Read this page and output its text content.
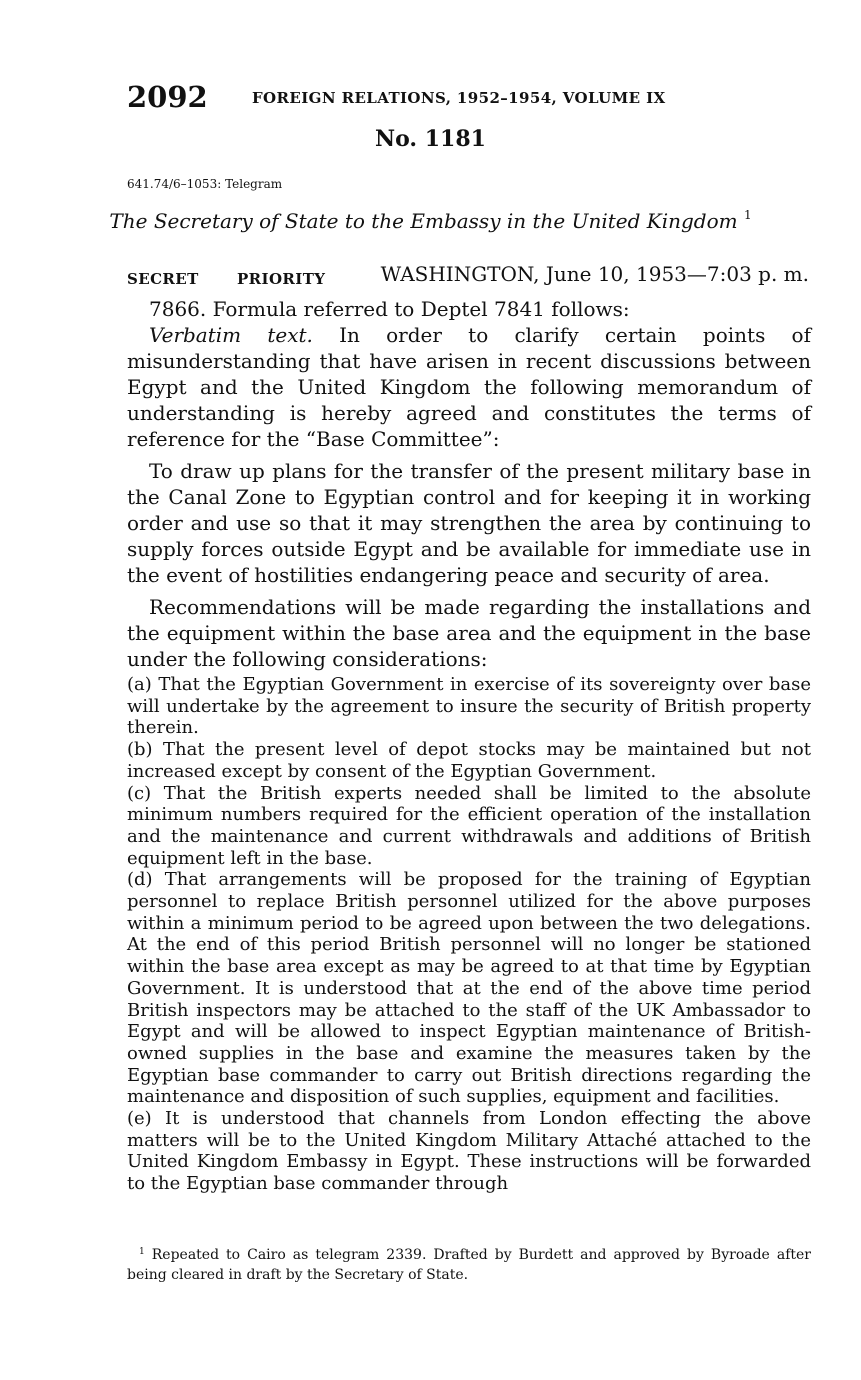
2092	FOREIGN RELATIONS, 1952–1954, VOLUME IX
No. 1181
641.74/6–1053: Telegram
The Secretary of State to the Embassy in the United Kingdom $^1$
SECRET	PRIORITY	WASHINGTON, June 10, 1953—7:03 p. m.

7866. Formula referred to Deptel 7841 follows:

Verbatim text. In order to clarify certain points of misunderstanding that have arisen in recent discussions between Egypt and the United Kingdom the following memorandum of understanding is hereby agreed and constitutes the terms of reference for the “Base Committee”:

To draw up plans for the transfer of the present military base in the Canal Zone to Egyptian control and for keeping it in working order and use so that it may strengthen the area by continuing to supply forces outside Egypt and be available for immediate use in the event of hostilities endangering peace and security of area.

Recommendations will be made regarding the installations and the equipment within the base area and the equipment in the base under the following considerations:

(a) That the Egyptian Government in exercise of its sovereignty over base will undertake by the agreement to insure the security of British property therein.

(b) That the present level of depot stocks may be maintained but not increased except by consent of the Egyptian Government.

(c) That the British experts needed shall be limited to the absolute minimum numbers required for the efficient operation of the installation and the maintenance and current withdrawals and additions of British equipment left in the base.

(d) That arrangements will be proposed for the training of Egyptian personnel to replace British personnel utilized for the above purposes within a minimum period to be agreed upon between the two delegations. At the end of this period British personnel will no longer be stationed within the base area except as may be agreed to at that time by Egyptian Government. It is understood that at the end of the above time period British inspectors may be attached to the staff of the UK Ambassador to Egypt and will be allowed to inspect Egyptian maintenance of British-owned supplies in the base and examine the measures taken by the Egyptian base commander to carry out British directions regarding the maintenance and disposition of such supplies, equipment and facilities.

(e) It is understood that channels from London effecting the above matters will be to the United Kingdom Military Attaché attached to the United Kingdom Embassy in Egypt. These instructions will be forwarded to the Egyptian base commander through

$^1$ Repeated to Cairo as telegram 2339. Drafted by Burdett and approved by Byroade after being cleared in draft by the Secretary of State.
